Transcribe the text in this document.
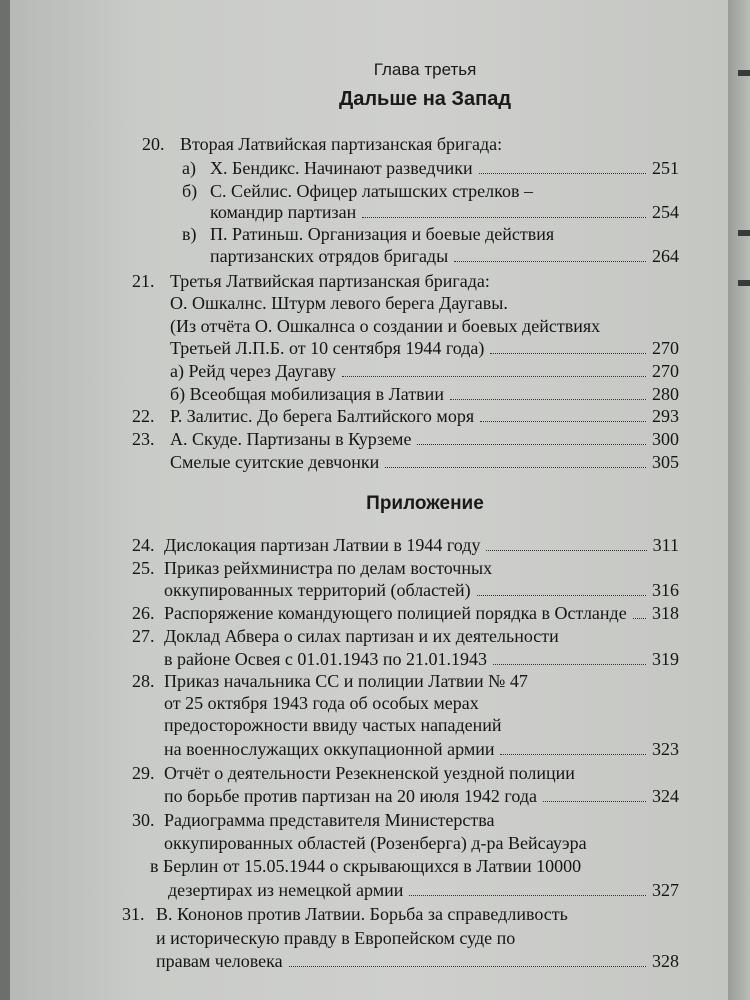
Глава третья
Дальше на Запад
20. Вторая Латвийская партизанская бригада:
а) Х. Бендикс. Начинают разведчики	251
б) С. Сейлис. Офицер латышских стрелков –
командир партизан	254
в) П. Ратиньш. Организация и боевые действия
партизанских отрядов бригады	264
21. Третья Латвийская партизанская бригада:
О. Ошкалнс. Штурм левого берега Даугавы.
(Из отчёта О. Ошкалнса о создании и боевых действиях
Третьей Л.П.Б. от 10 сентября 1944 года)	270
а) Рейд через Даугаву	270
б) Всеобщая мобилизация в Латвии	280
22. Р. Залитис. До берега Балтийского моря	293
23. А. Скуде. Партизаны в Курземе	300
Смелые суитские девчонки	305
Приложение
24. Дислокация партизан Латвии в 1944 году	311
25. Приказ рейхминистра по делам восточных
оккупированных территорий (областей)	316
26. Распоряжение командующего полицией порядка в Остланде 318
27. Доклад Абвера о силах партизан и их деятельности
в районе Освея с 01.01.1943 по 21.01.1943	319
28. Приказ начальника СС и полиции Латвии № 47
от 25 октября 1943 года об особых мерах
предосторожности ввиду частых нападений
на военнослужащих оккупационной армии	323
29. Отчёт о деятельности Резекненской уездной полиции
по борьбе против партизан на 20 июля 1942 года	324
30. Радиограмма представителя Министерства
оккупированных областей (Розенберга) д-ра Вейсауэра
в Берлин от 15.05.1944 о скрывающихся в Латвии 10000
дезертирах из немецкой армии	327
31. В. Кононов против Латвии. Борьба за справедливость
и историческую правду в Европейском суде по
правам человека	328
